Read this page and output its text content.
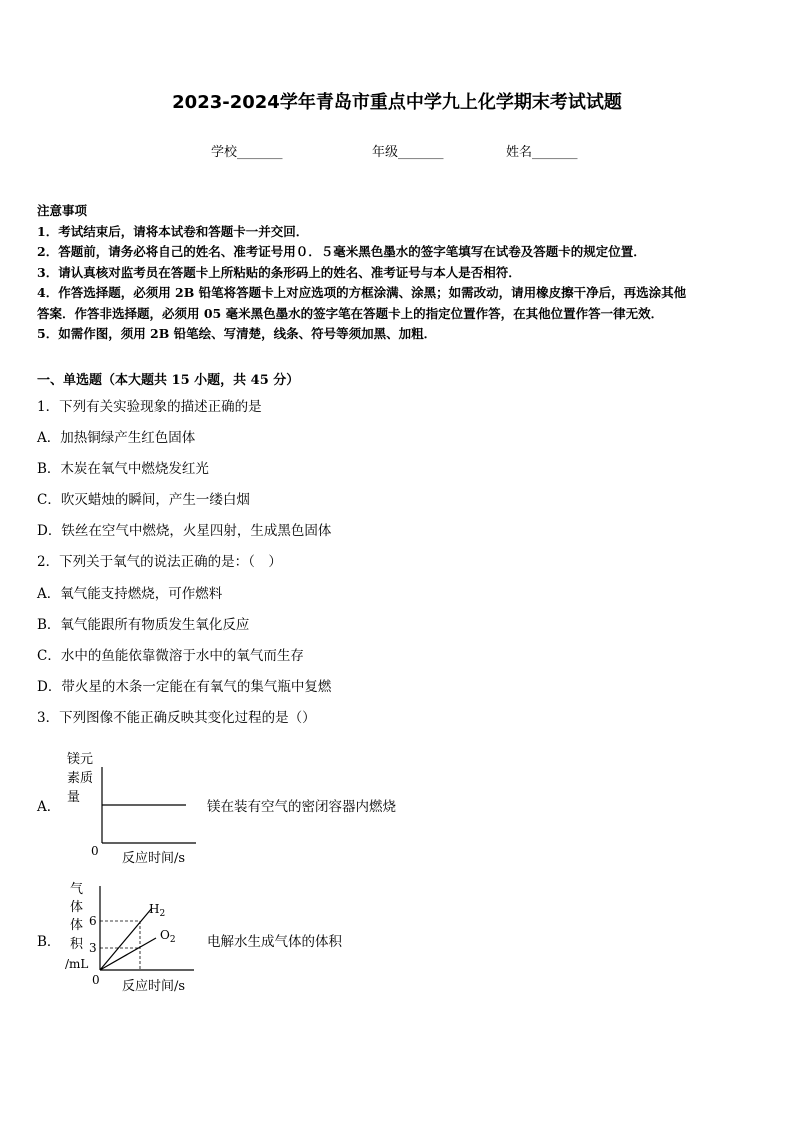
2023-2024学年青岛市重点中学九上化学期末考试试题
学校_______	年级_______	姓名_______
注意事项
1．考试结束后，请将本试卷和答题卡一并交回．
2．答题前，请务必将自己的姓名、准考证号用０．５毫米黑色墨水的签字笔填写在试卷及答题卡的规定位置．
3．请认真核对监考员在答题卡上所粘贴的条形码上的姓名、准考证号与本人是否相符．
4．作答选择题，必须用 2B 铅笔将答题卡上对应选项的方框涂满、涂黑；如需改动，请用橡皮擦干净后，再选涂其他
答案．作答非选择题，必须用 05 毫米黑色墨水的签字笔在答题卡上的指定位置作答，在其他位置作答一律无效．
5．如需作图，须用 2B 铅笔绘、写清楚，线条、符号等须加黑、加粗．
一、单选题（本大题共 15 小题，共 45 分）
1．下列有关实验现象的描述正确的是
A．加热铜绿产生红色固体
B．木炭在氧气中燃烧发红光
C．吹灭蜡烛的瞬间，产生一缕白烟
D．铁丝在空气中燃烧，火星四射，生成黑色固体
2．下列关于氧气的说法正确的是：（　）
A．氧气能支持燃烧，可作燃料
B．氧气能跟所有物质发生氧化反应
C．水中的鱼能依靠微溶于水中的氧气而生存
D．带火星的木条一定能在有氧气的集气瓶中复燃
3．下列图像不能正确反映其变化过程的是（）
A．
镁元
素质
量
0 反应时间/s
镁在装有空气的密闭容器内燃烧
B．
气
体
体
积
/mL
6
3
0
$H_2$
$O_2$
反应时间/s
电解水生成气体的体积
